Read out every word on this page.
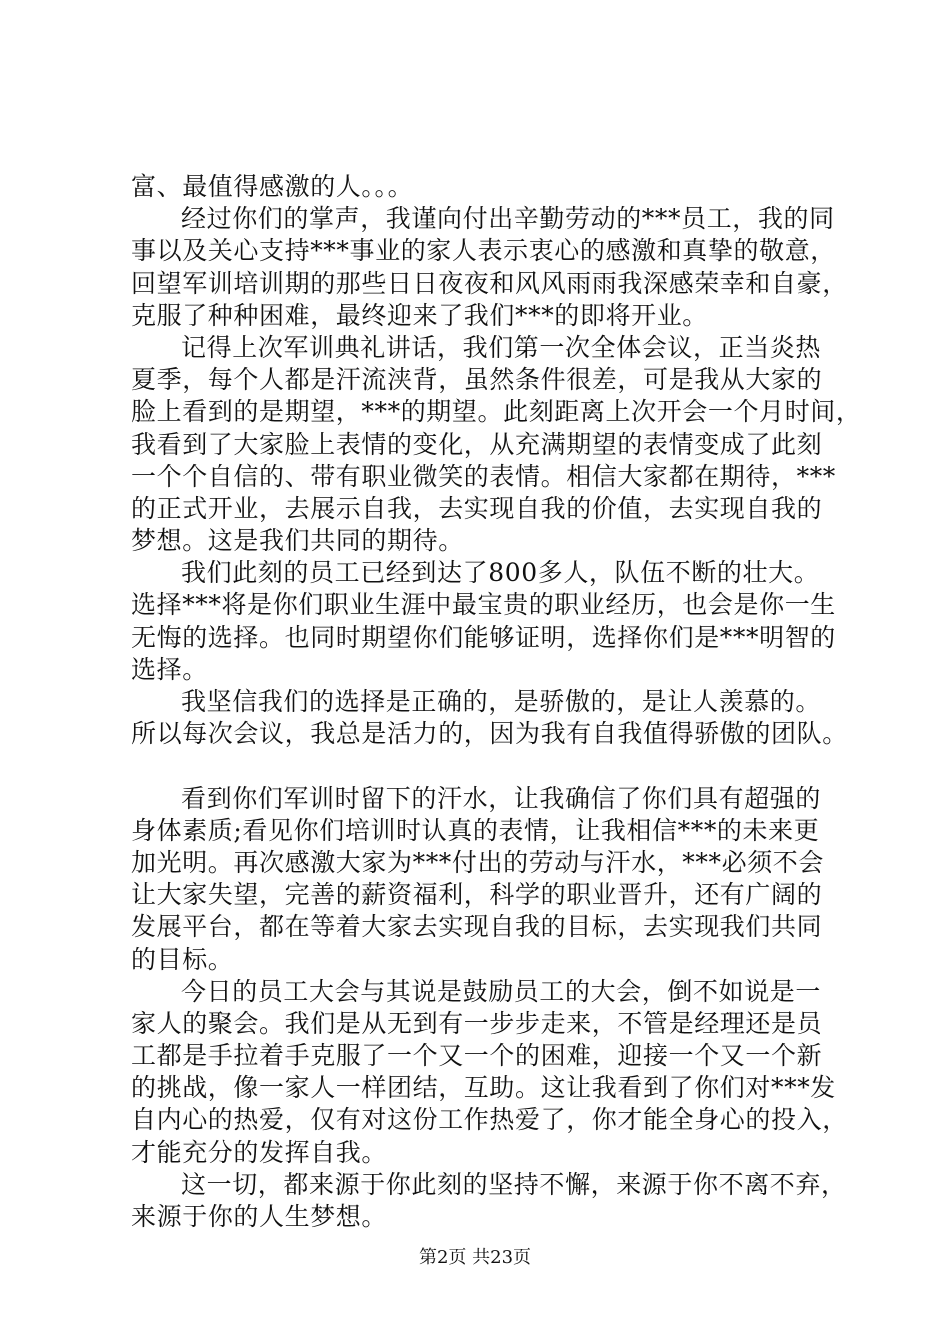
富、最值得感激的人。。。
经过你们的掌声，我谨向付出辛勤劳动的***员工，我的同
事以及关心支持***事业的家人表示衷心的感激和真挚的敬意，
回望军训培训期的那些日日夜夜和风风雨雨我深感荣幸和自豪，
克服了种种困难，最终迎来了我们***的即将开业。
记得上次军训典礼讲话，我们第一次全体会议，正当炎热
夏季，每个人都是汗流浃背，虽然条件很差，可是我从大家的
脸上看到的是期望，***的期望。此刻距离上次开会一个月时间，
我看到了大家脸上表情的变化，从充满期望的表情变成了此刻
一个个自信的、带有职业微笑的表情。相信大家都在期待，***
的正式开业，去展示自我，去实现自我的价值，去实现自我的
梦想。这是我们共同的期待。
我们此刻的员工已经到达了800多人，队伍不断的壮大。
选择***将是你们职业生涯中最宝贵的职业经历，也会是你一生
无悔的选择。也同时期望你们能够证明，选择你们是***明智的
选择。
我坚信我们的选择是正确的，是骄傲的，是让人羡慕的。
所以每次会议，我总是活力的，因为我有自我值得骄傲的团队。
看到你们军训时留下的汗水，让我确信了你们具有超强的
身体素质;看见你们培训时认真的表情，让我相信***的未来更
加光明。再次感激大家为***付出的劳动与汗水，***必须不会
让大家失望，完善的薪资福利，科学的职业晋升，还有广阔的
发展平台，都在等着大家去实现自我的目标，去实现我们共同
的目标。
今日的员工大会与其说是鼓励员工的大会，倒不如说是一
家人的聚会。我们是从无到有一步步走来，不管是经理还是员
工都是手拉着手克服了一个又一个的困难，迎接一个又一个新
的挑战，像一家人一样团结，互助。这让我看到了你们对***发
自内心的热爱，仅有对这份工作热爱了，你才能全身心的投入，
才能充分的发挥自我。
这一切，都来源于你此刻的坚持不懈，来源于你不离不弃，
来源于你的人生梦想。
第2页 共23页
